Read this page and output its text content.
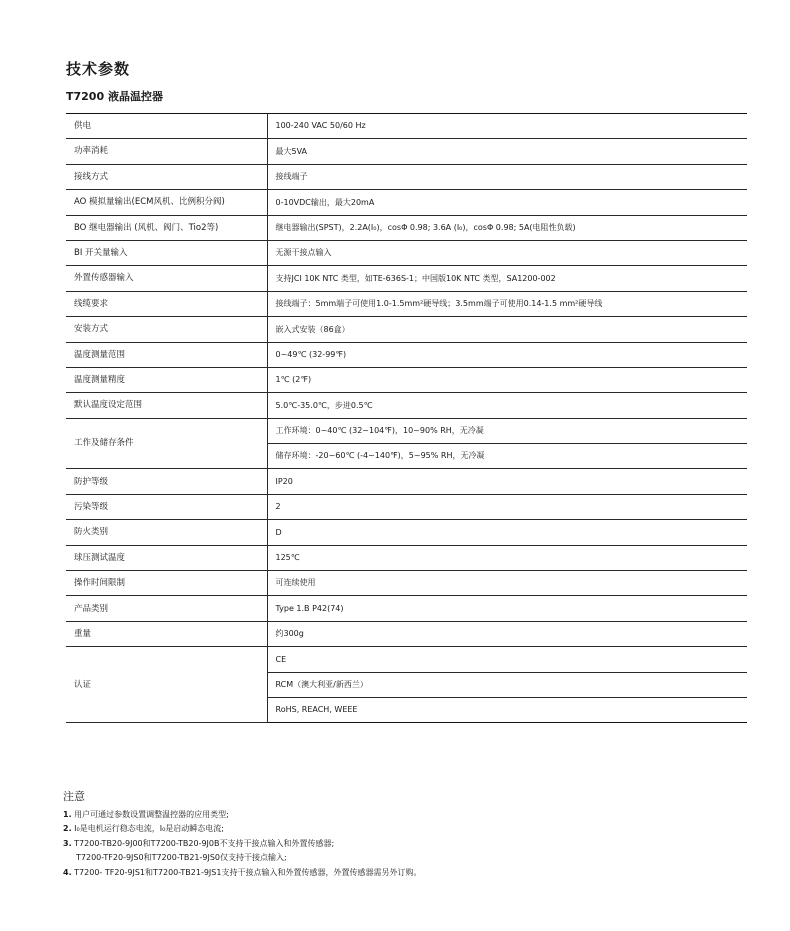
技术参数
T7200 液晶温控器
供电	100-240 VAC 50/60 Hz
功率消耗	最大5VA
接线方式	接线端子
AO 模拟量输出(ECM风机、比例积分阀)	0-10VDC输出，最大20mA
BO 继电器输出 (风机、阀门、Tio2等)	继电器输出(SPST)，2.2A(I₀)，cosΦ 0.98; 3.6A (I₀)，cosΦ 0.98; 5A(电阻性负载)
BI 开关量输入	无源干接点输入
外置传感器输入	支持JCI 10K NTC 类型，如TE-636S-1；中国版10K NTC 类型，SA1200-002
线缆要求	接线端子：5mm端子可使用1.0-1.5mm²硬导线；3.5mm端子可使用0.14-1.5 mm²硬导线
安装方式	嵌入式安装（86盒）
温度测量范围	0~49℃ (32-99℉)
温度测量精度	1℃ (2℉)
默认温度设定范围	5.0℃-35.0℃，步进0.5℃
工作及储存条件	工作环境：0~40℃ (32~104℉)，10~90% RH，无冷凝
	储存环境：-20~60℃ (-4~140℉)，5~95% RH，无冷凝
防护等级	IP20
污染等级	2
防火类别	D
球压测试温度	125℃
操作时间限制	可连续使用
产品类别	Type 1.B P42(74)
重量	约300g
认证	CE
	RCM（澳大利亚/新西兰）
	RoHS, REACH, WEEE
注意
1. 用户可通过参数设置调整温控器的应用类型;
2. I₀是电机运行稳态电流，I₀是启动瞬态电流;
3. T7200-TB20-9J00和T7200-TB20-9J0B不支持干接点输入和外置传感器;
T7200-TF20-9JS0和T7200-TB21-9JS0仅支持干接点输入;
4. T7200- TF20-9JS1和T7200-TB21-9JS1支持干接点输入和外置传感器，外置传感器需另外订购。
